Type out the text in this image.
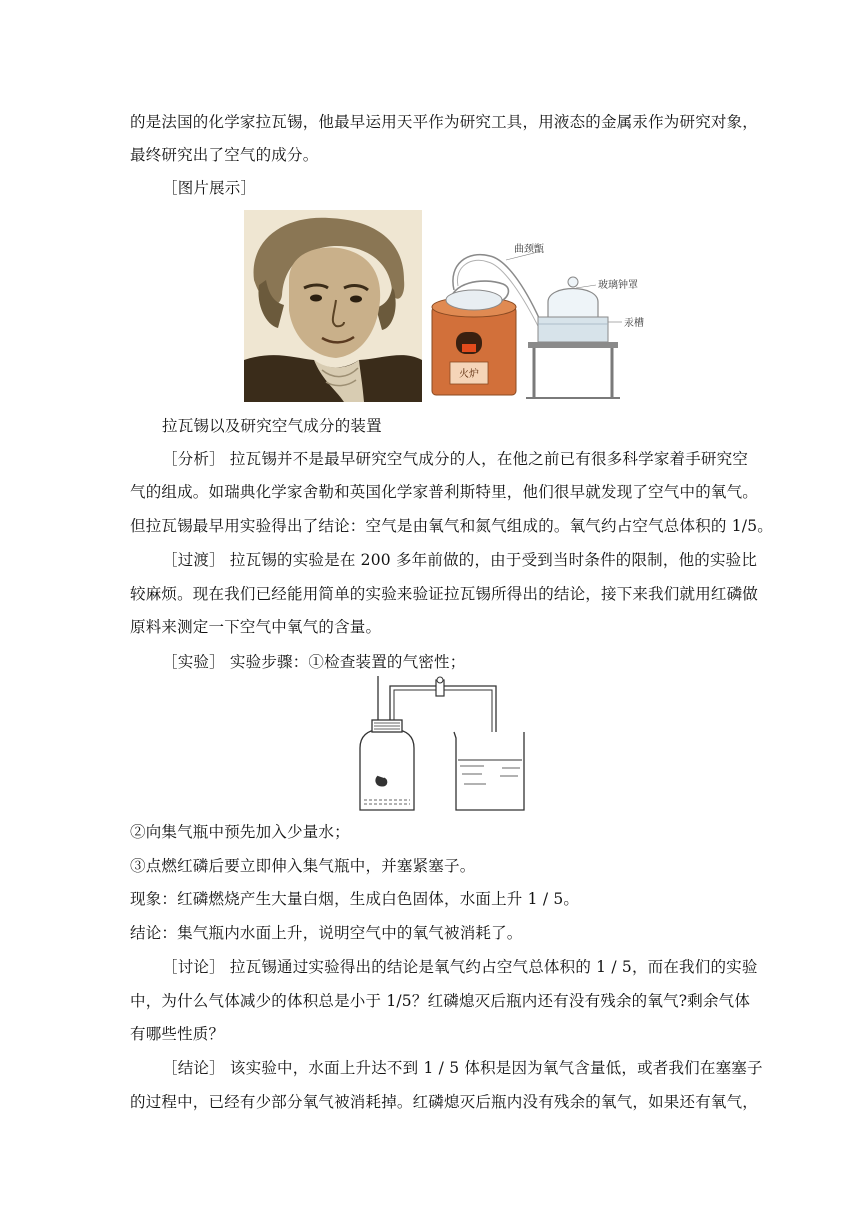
的是法国的化学家拉瓦锡，他最早运用天平作为研究工具，用液态的金属汞作为研究对象，
最终研究出了空气的成分。
［图片展示］
火炉
曲颈甑
玻璃钟罩
汞槽
拉瓦锡以及研究空气成分的装置
［分析］ 拉瓦锡并不是最早研究空气成分的人，在他之前已有很多科学家着手研究空
气的组成。如瑞典化学家舍勒和英国化学家普利斯特里，他们很早就发现了空气中的氧气。
但拉瓦锡最早用实验得出了结论：空气是由氧气和氮气组成的。氧气约占空气总体积的 1/5。
［过渡］ 拉瓦锡的实验是在 200 多年前做的，由于受到当时条件的限制，他的实验比
较麻烦。现在我们已经能用简单的实验来验证拉瓦锡所得出的结论，接下来我们就用红磷做
原料来测定一下空气中氧气的含量。
［实验］ 实验步骤：①检查装置的气密性；
②向集气瓶中预先加入少量水；
③点燃红磷后要立即伸入集气瓶中，并塞紧塞子。
现象：红磷燃烧产生大量白烟，生成白色固体，水面上升 1 / 5。
结论：集气瓶内水面上升，说明空气中的氧气被消耗了。
［讨论］ 拉瓦锡通过实验得出的结论是氧气约占空气总体积的 1 / 5，而在我们的实验
中，为什么气体减少的体积总是小于 1/5？红磷熄灭后瓶内还有没有残余的氧气?剩余气体
有哪些性质？
［结论］ 该实验中，水面上升达不到 1 / 5 体积是因为氧气含量低，或者我们在塞塞子
的过程中，已经有少部分氧气被消耗掉。红磷熄灭后瓶内没有残余的氧气，如果还有氧气，
